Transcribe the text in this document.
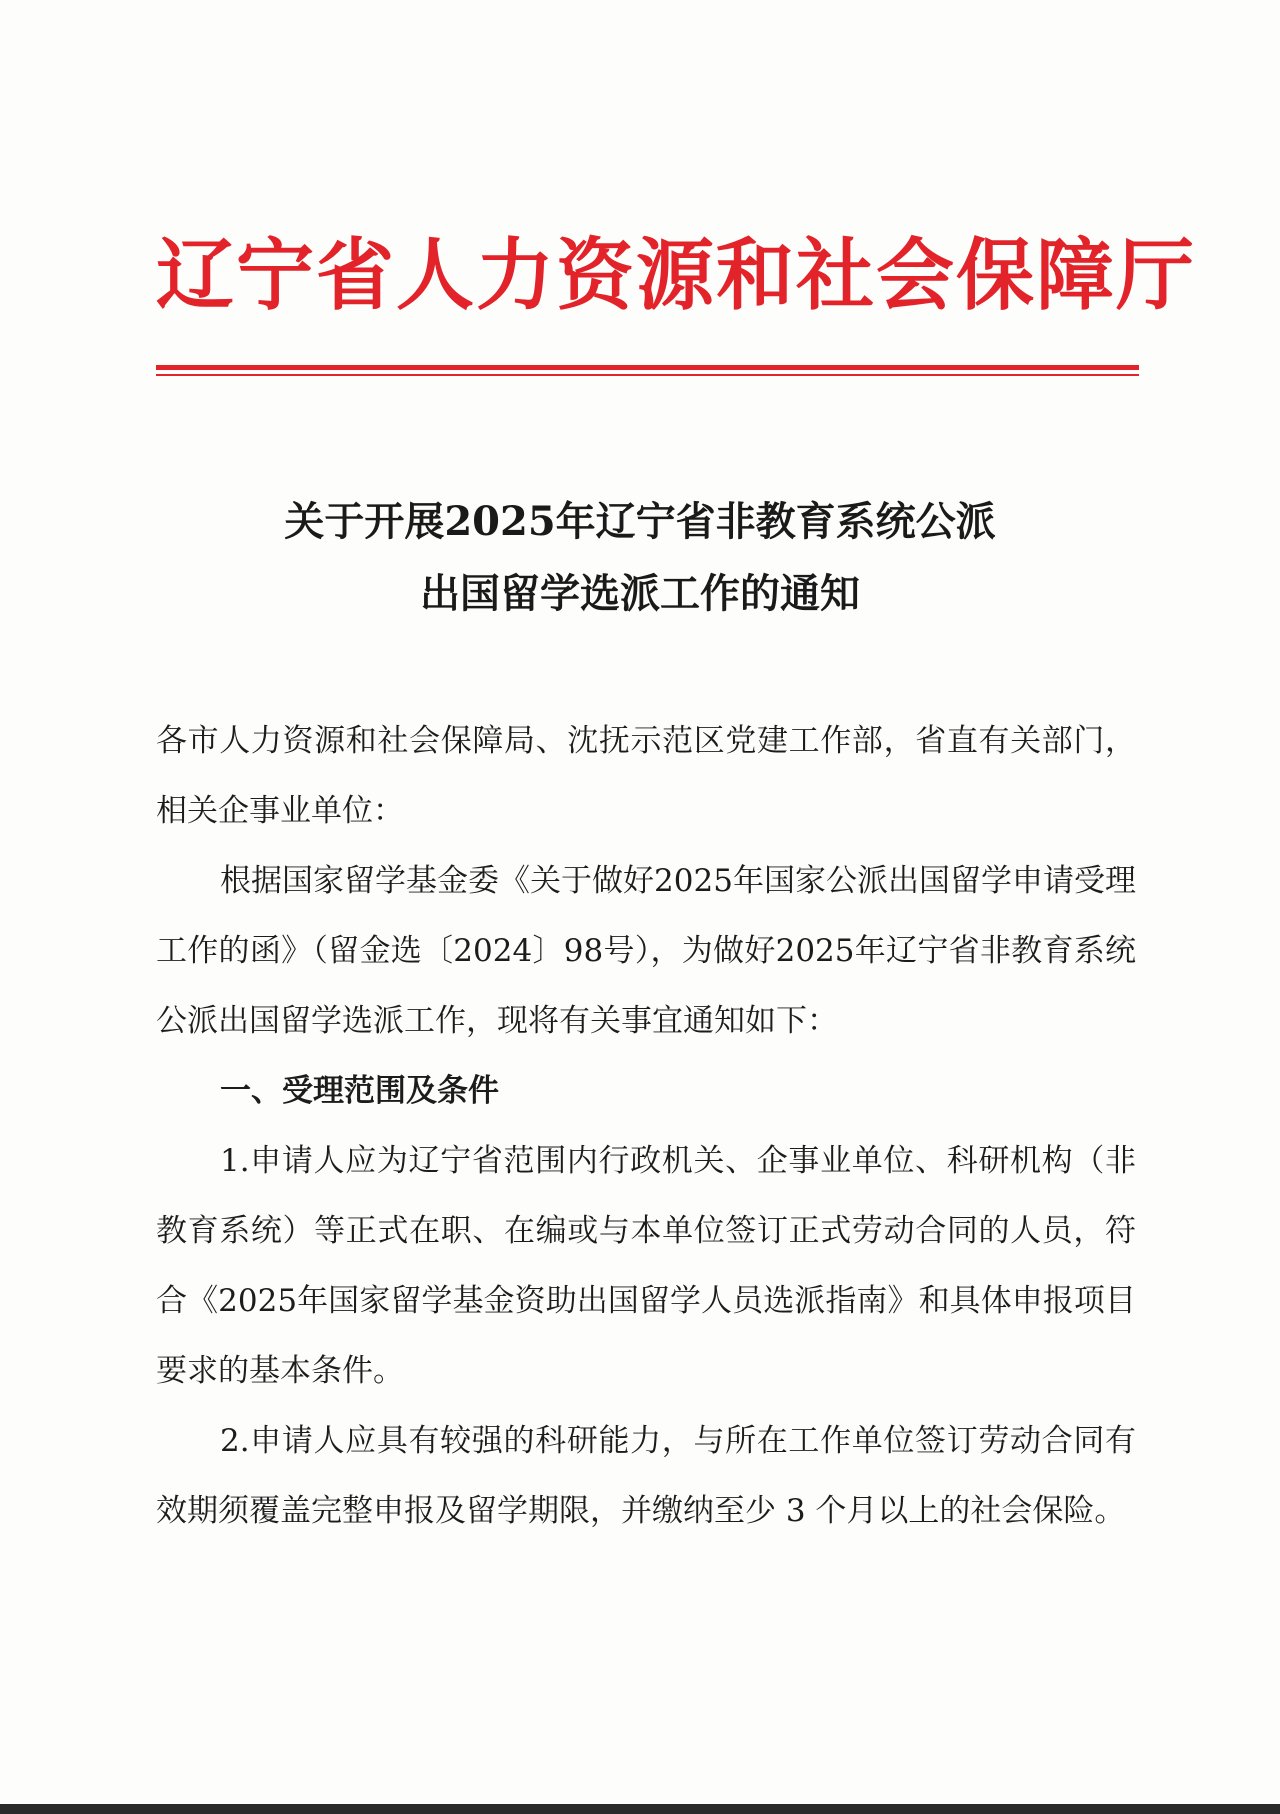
辽宁省人力资源和社会保障厅
关于开展2025年辽宁省非教育系统公派
出国留学选派工作的通知

各市人力资源和社会保障局、沈抚示范区党建工作部，省直有关部门，相关企事业单位：

根据国家留学基金委《关于做好2025年国家公派出国留学申请受理工作的函》（留金选〔2024〕98号），为做好2025年辽宁省非教育系统公派出国留学选派工作，现将有关事宜通知如下：

一、受理范围及条件

1.申请人应为辽宁省范围内行政机关、企事业单位、科研机构（非教育系统）等正式在职、在编或与本单位签订正式劳动合同的人员，符合《2025年国家留学基金资助出国留学人员选派指南》和具体申报项目要求的基本条件。

2.申请人应具有较强的科研能力，与所在工作单位签订劳动合同有效期须覆盖完整申报及留学期限，并缴纳至少 3 个月以上的社会保险。
